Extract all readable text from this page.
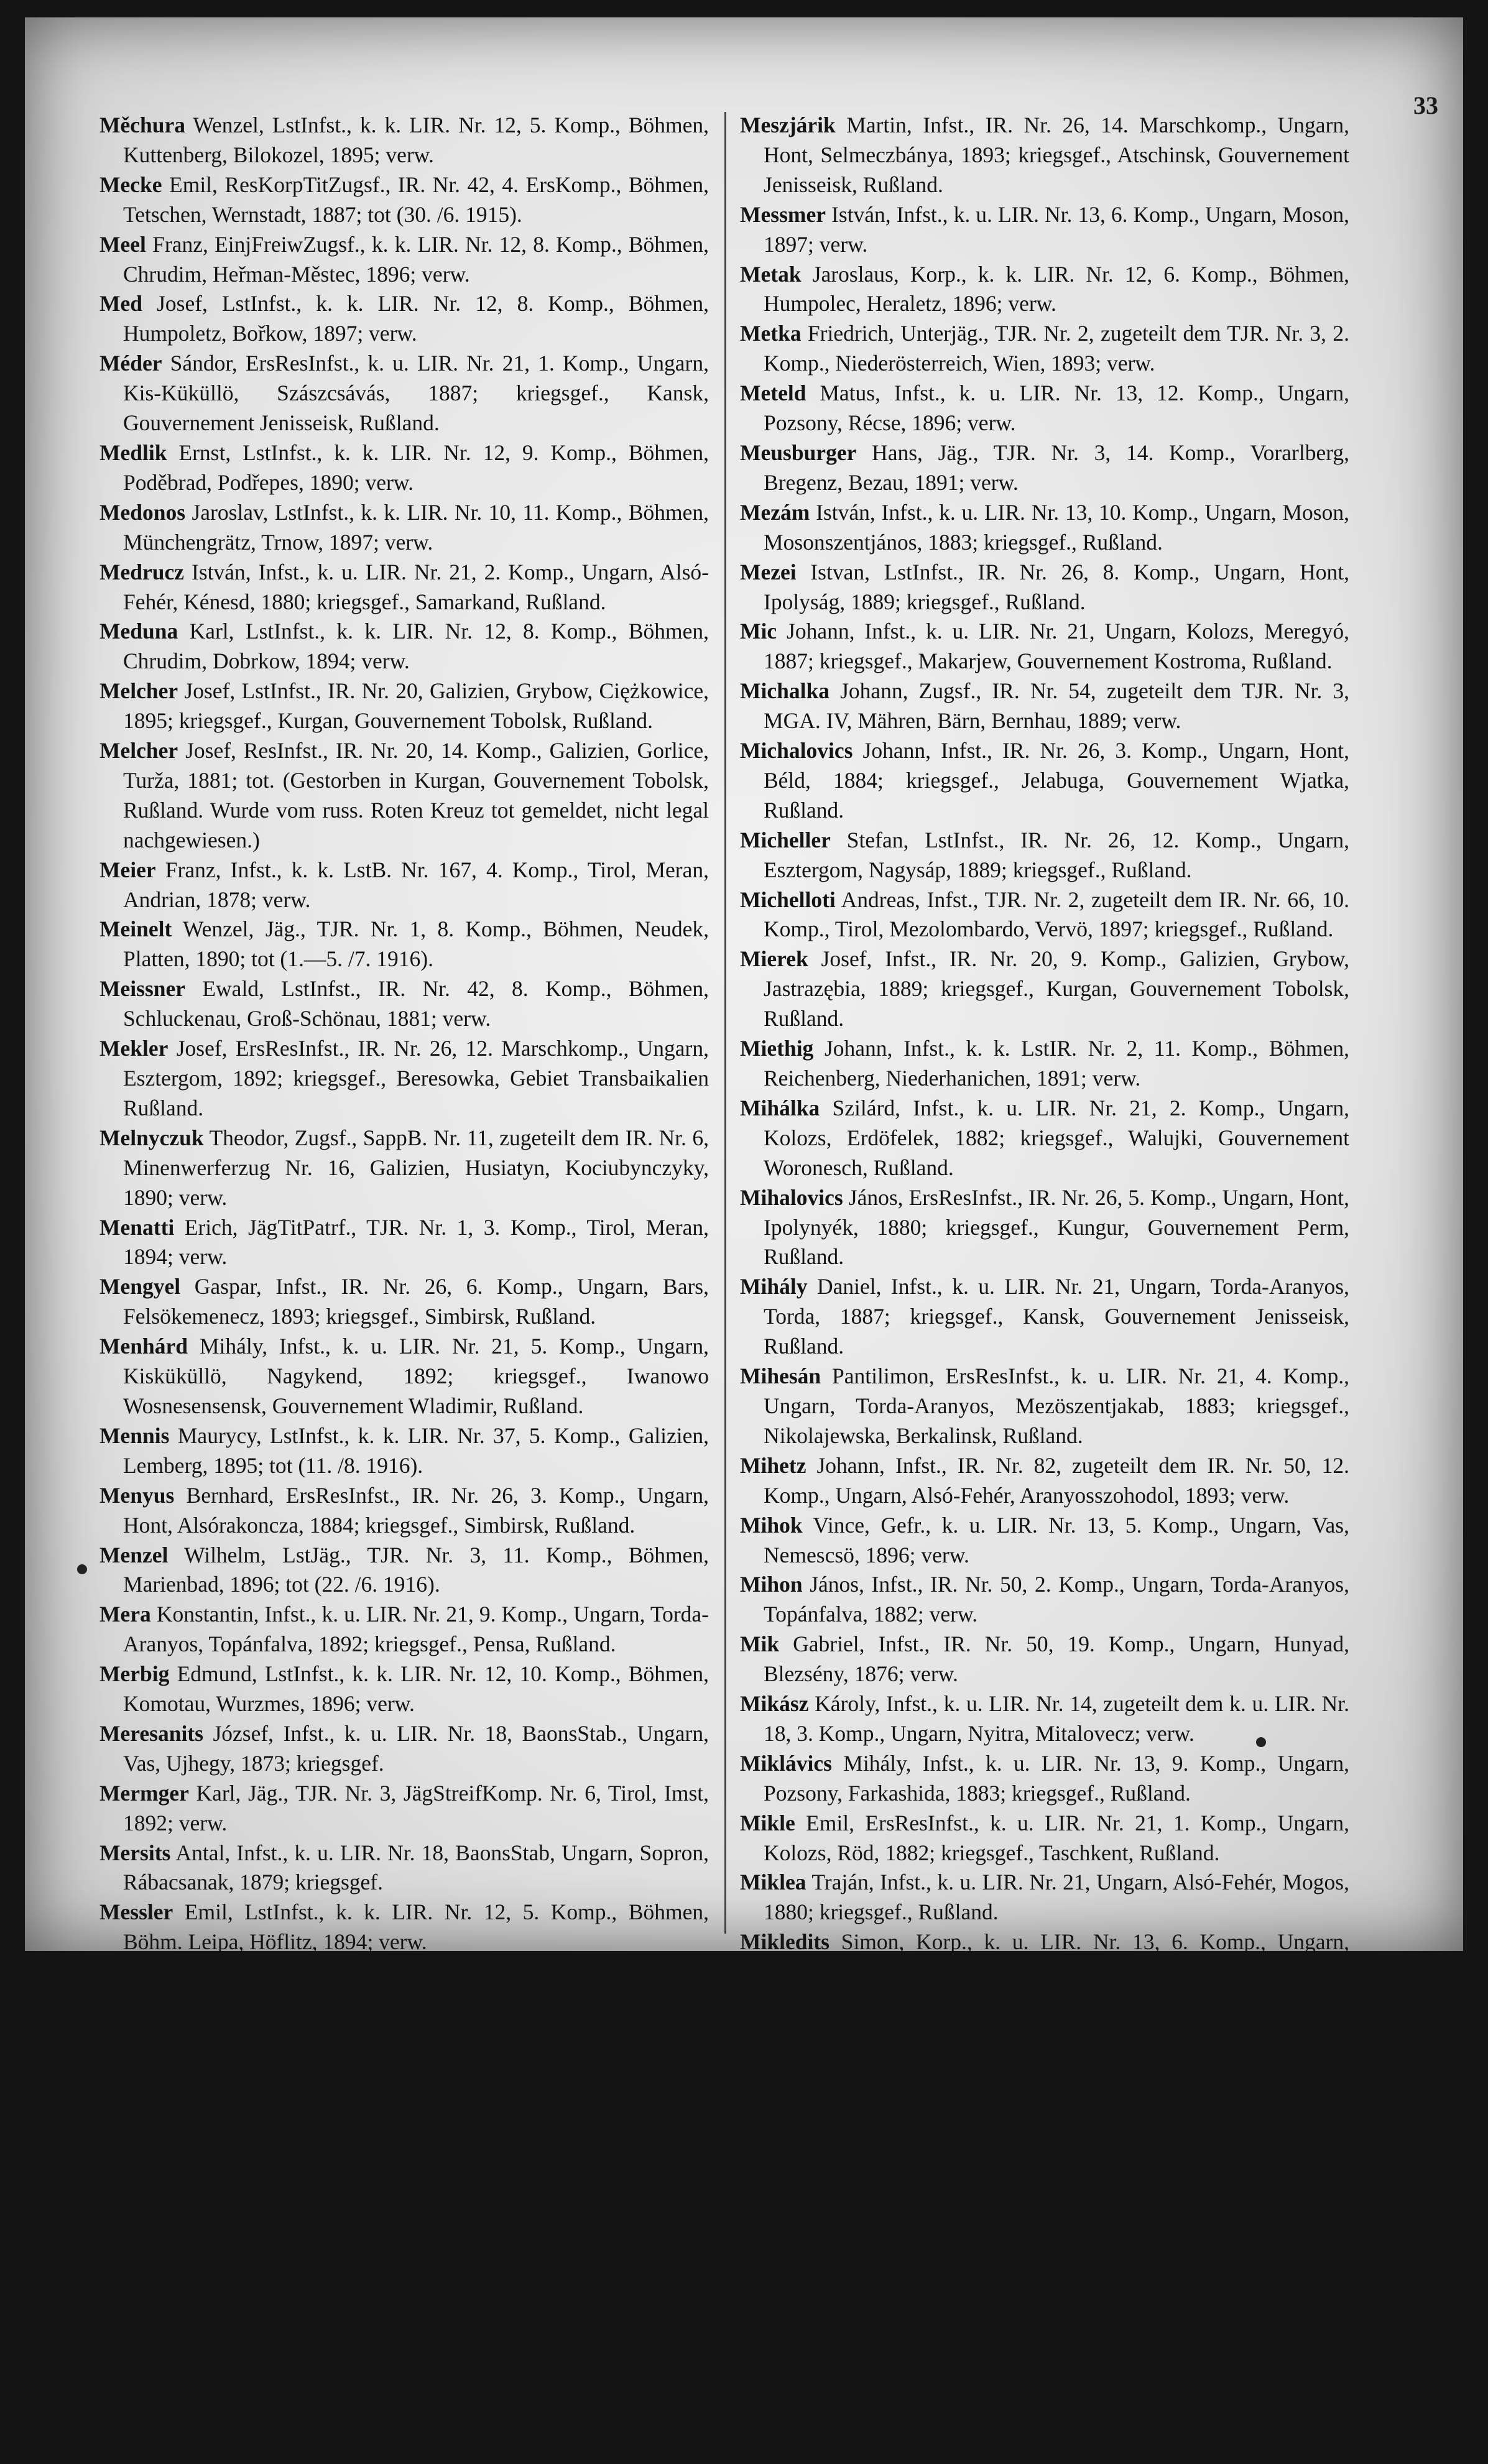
33

Měchura Wenzel, LstInfst., k. k. LIR. Nr. 12, 5. Komp., Böhmen, Kuttenberg, Bilokozel, 1895; verw.

Mecke Emil, ResKorpTitZugsf., IR. Nr. 42, 4. ErsKomp., Böhmen, Tetschen, Wernstadt, 1887; tot (30. /6. 1915).

Meel Franz, EinjFreiwZugsf., k. k. LIR. Nr. 12, 8. Komp., Böhmen, Chrudim, Heřman-Městec, 1896; verw.

Med Josef, LstInfst., k. k. LIR. Nr. 12, 8. Komp., Böhmen, Humpoletz, Bořkow, 1897; verw.

Méder Sándor, ErsResInfst., k. u. LIR. Nr. 21, 1. Komp., Ungarn, Kis-Küküllö, Szászcsávás, 1887; kriegsgef., Kansk, Gouvernement Jenisseisk, Rußland.

Medlik Ernst, LstInfst., k. k. LIR. Nr. 12, 9. Komp., Böhmen, Poděbrad, Podřepes, 1890; verw.

Medonos Jaroslav, LstInfst., k. k. LIR. Nr. 10, 11. Komp., Böhmen, Münchengrätz, Trnow, 1897; verw.

Medrucz István, Infst., k. u. LIR. Nr. 21, 2. Komp., Ungarn, Alsó-Fehér, Kénesd, 1880; kriegsgef., Samarkand, Rußland.

Meduna Karl, LstInfst., k. k. LIR. Nr. 12, 8. Komp., Böhmen, Chrudim, Dobrkow, 1894; verw.

Melcher Josef, LstInfst., IR. Nr. 20, Galizien, Grybow, Ciężkowice, 1895; kriegsgef., Kurgan, Gouvernement Tobolsk, Rußland.

Melcher Josef, ResInfst., IR. Nr. 20, 14. Komp., Galizien, Gorlice, Turža, 1881; tot. (Gestorben in Kurgan, Gouvernement Tobolsk, Rußland. Wurde vom russ. Roten Kreuz tot gemeldet, nicht legal nachgewiesen.)

Meier Franz, Infst., k. k. LstB. Nr. 167, 4. Komp., Tirol, Meran, Andrian, 1878; verw.

Meinelt Wenzel, Jäg., TJR. Nr. 1, 8. Komp., Böhmen, Neudek, Platten, 1890; tot (1.—5. /7. 1916).

Meissner Ewald, LstInfst., IR. Nr. 42, 8. Komp., Böhmen, Schluckenau, Groß-Schönau, 1881; verw.

Mekler Josef, ErsResInfst., IR. Nr. 26, 12. Marschkomp., Ungarn, Esztergom, 1892; kriegsgef., Beresowka, Gebiet Transbaikalien Rußland.

Melnyczuk Theodor, Zugsf., SappB. Nr. 11, zugeteilt dem IR. Nr. 6, Minenwerferzug Nr. 16, Galizien, Husiatyn, Kociubynczyky, 1890; verw.

Menatti Erich, JägTitPatrf., TJR. Nr. 1, 3. Komp., Tirol, Meran, 1894; verw.

Mengyel Gaspar, Infst., IR. Nr. 26, 6. Komp., Ungarn, Bars, Felsökemenecz, 1893; kriegsgef., Simbirsk, Rußland.

Menhárd Mihály, Infst., k. u. LIR. Nr. 21, 5. Komp., Ungarn, Kisküküllö, Nagykend, 1892; kriegsgef., Iwanowo Wosnesensensk, Gouvernement Wladimir, Rußland.

Mennis Maurycy, LstInfst., k. k. LIR. Nr. 37, 5. Komp., Galizien, Lemberg, 1895; tot (11. /8. 1916).

Menyus Bernhard, ErsResInfst., IR. Nr. 26, 3. Komp., Ungarn, Hont, Alsórakoncza, 1884; kriegsgef., Simbirsk, Rußland.

Menzel Wilhelm, LstJäg., TJR. Nr. 3, 11. Komp., Böhmen, Marienbad, 1896; tot (22. /6. 1916).

Mera Konstantin, Infst., k. u. LIR. Nr. 21, 9. Komp., Ungarn, Torda-Aranyos, Topánfalva, 1892; kriegsgef., Pensa, Rußland.

Merbig Edmund, LstInfst., k. k. LIR. Nr. 12, 10. Komp., Böhmen, Komotau, Wurzmes, 1896; verw.

Meresanits József, Infst., k. u. LIR. Nr. 18, BaonsStab., Ungarn, Vas, Ujhegy, 1873; kriegsgef.

Mermger Karl, Jäg., TJR. Nr. 3, JägStreifKomp. Nr. 6, Tirol, Imst, 1892; verw.

Mersits Antal, Infst., k. u. LIR. Nr. 18, BaonsStab, Ungarn, Sopron, Rábacsanak, 1879; kriegsgef.

Messler Emil, LstInfst., k. k. LIR. Nr. 12, 5. Komp., Böhmen, Böhm. Leipa, Höflitz, 1894; verw.

Mészáros Anton, LstInfst., IR. Nr. 38, 5. Komp., Ungarn, Pest, Izsák, 1896; tot (17. /4. 1916).

Mészáros David, Infst., k. u. LstIR. Nr. 13, 8. Komp., Ungarn, Pozsony, Nagymácséd, 1877; kriegsgef., Rußland.

Mészáros Ferencz, Infst., k. u. LIR. Nr. 18, 3. Komp., Ungarn, Vas, Szombathely, 1897; verw.

Mészáros Imre, Korp., k. u. LstIR. Nr. 30, 4. Komp., Ungarn, Bács-Bodrog, Jánoshalma, 1876; verw.

Meszáros János, Infst., IR. Nr. 86, 2. Komp., Ungarn, Bács-Bodrog, Topolya, 1889; verw.

Mészáros József Lajos, Infst., k. u. LIR. Nr. 18, 1. Komp., Ungarn, Vas, Vát, 1874; verw.

Mészáros Karl, Zugsf., IR. Nr. 26, 8. Komp., Ungarn, Bars, Fajkürt, 1881; kriegsgef., Nikolsk Ussurijskij, Gebiet Primorsk, Rußland.

Mészáros Ludwig, Infst., IR. Nr. 26, 11. Komp., Ungarn, Bars, Felsöszecse, 1889; kriegsgef., Nikolsk-Ussurijskij, Gouvernement Primorsk, Rußland.

Meszjárik Martin, Infst., IR. Nr. 26, 14. Marschkomp., Ungarn, Hont, Selmeczbánya, 1893; kriegsgef., Atschinsk, Gouvernement Jenisseisk, Rußland.

Messmer István, Infst., k. u. LIR. Nr. 13, 6. Komp., Ungarn, Moson, 1897; verw.

Metak Jaroslaus, Korp., k. k. LIR. Nr. 12, 6. Komp., Böhmen, Humpolec, Heraletz, 1896; verw.

Metka Friedrich, Unterjäg., TJR. Nr. 2, zugeteilt dem TJR. Nr. 3, 2. Komp., Niederösterreich, Wien, 1893; verw.

Meteld Matus, Infst., k. u. LIR. Nr. 13, 12. Komp., Ungarn, Pozsony, Récse, 1896; verw.

Meusburger Hans, Jäg., TJR. Nr. 3, 14. Komp., Vorarlberg, Bregenz, Bezau, 1891; verw.

Mezám István, Infst., k. u. LIR. Nr. 13, 10. Komp., Ungarn, Moson, Mosonszentjános, 1883; kriegsgef., Rußland.

Mezei Istvan, LstInfst., IR. Nr. 26, 8. Komp., Ungarn, Hont, Ipolyság, 1889; kriegsgef., Rußland.

Mic Johann, Infst., k. u. LIR. Nr. 21, Ungarn, Kolozs, Meregyó, 1887; kriegsgef., Makarjew, Gouvernement Kostroma, Rußland.

Michalka Johann, Zugsf., IR. Nr. 54, zugeteilt dem TJR. Nr. 3, MGA. IV, Mähren, Bärn, Bernhau, 1889; verw.

Michalovics Johann, Infst., IR. Nr. 26, 3. Komp., Ungarn, Hont, Béld, 1884; kriegsgef., Jelabuga, Gouvernement Wjatka, Rußland.

Micheller Stefan, LstInfst., IR. Nr. 26, 12. Komp., Ungarn, Esztergom, Nagysáp, 1889; kriegsgef., Rußland.

Michelloti Andreas, Infst., TJR. Nr. 2, zugeteilt dem IR. Nr. 66, 10. Komp., Tirol, Mezolombardo, Vervö, 1897; kriegsgef., Rußland.

Mierek Josef, Infst., IR. Nr. 20, 9. Komp., Galizien, Grybow, Jastrazębia, 1889; kriegsgef., Kurgan, Gouvernement Tobolsk, Rußland.

Miethig Johann, Infst., k. k. LstIR. Nr. 2, 11. Komp., Böhmen, Reichenberg, Niederhanichen, 1891; verw.

Mihálka Szilárd, Infst., k. u. LIR. Nr. 21, 2. Komp., Ungarn, Kolozs, Erdöfelek, 1882; kriegsgef., Walujki, Gouvernement Woronesch, Rußland.

Mihalovics János, ErsResInfst., IR. Nr. 26, 5. Komp., Ungarn, Hont, Ipolynyék, 1880; kriegsgef., Kungur, Gouvernement Perm, Rußland.

Mihály Daniel, Infst., k. u. LIR. Nr. 21, Ungarn, Torda-Aranyos, Torda, 1887; kriegsgef., Kansk, Gouvernement Jenisseisk, Rußland.

Mihesán Pantilimon, ErsResInfst., k. u. LIR. Nr. 21, 4. Komp., Ungarn, Torda-Aranyos, Mezöszentjakab, 1883; kriegsgef., Nikolajewska, Berkalinsk, Rußland.

Mihetz Johann, Infst., IR. Nr. 82, zugeteilt dem IR. Nr. 50, 12. Komp., Ungarn, Alsó-Fehér, Aranyosszohodol, 1893; verw.

Mihok Vince, Gefr., k. u. LIR. Nr. 13, 5. Komp., Ungarn, Vas, Nemescsö, 1896; verw.

Mihon János, Infst., IR. Nr. 50, 2. Komp., Ungarn, Torda-Aranyos, Topánfalva, 1882; verw.

Mik Gabriel, Infst., IR. Nr. 50, 19. Komp., Ungarn, Hunyad, Blezsény, 1876; verw.

Mikász Károly, Infst., k. u. LIR. Nr. 14, zugeteilt dem k. u. LIR. Nr. 18, 3. Komp., Ungarn, Nyitra, Mitalovecz; verw.

Miklávics Mihály, Infst., k. u. LIR. Nr. 13, 9. Komp., Ungarn, Pozsony, Farkashida, 1883; kriegsgef., Rußland.

Mikle Emil, ErsResInfst., k. u. LIR. Nr. 21, 1. Komp., Ungarn, Kolozs, Röd, 1882; kriegsgef., Taschkent, Rußland.

Miklea Traján, Infst., k. u. LIR. Nr. 21, Ungarn, Alsó-Fehér, Mogos, 1880; kriegsgef., Rußland.

Mikledits Simon, Korp., k. u. LIR. Nr. 13, 6. Komp., Ungarn, Pozsony, Dévényujfalu, 1895; verw.

Mikletics Antal, Infst., k. u. LIR. Nr. 13, 2. Komp., Ungarn, Pozsony, Dévényújfalu, 1888; kriegsgef., Rußland.

Mikló Josef, LstInfst., IR. Nr. 26, 8. Komp., Ungarn, Bars, Zseliz, 1890; kriegsgef., Rußland.

Miklós Jenö, Infst., IR. Nr. 50, 18. Komp., Ungarn, Kis-Küküllö, Küküllödombó, 1897; tot (16.—29. /6. 1916).

Mikócsi Imre, Infst., k. u. LIR. Nr. 13, 6. Komp., Ungarn, Veszprém, Kiscsösz, 1896; verw.

Mikós Antal, Infst., k. u. LIR. Nr. 13, 5. Komp., Ungarn, Pozsony, Cseszte, 1876; verw.

Mikovilović Ivan des Ante, LstInfst., k. k. LIR. Nr. 37, 5. Komp., Dalmatien, St. Pietro, Pučišće, 1894; verw.

Miksa Johann, ResInfst., k. k. LIR. Nr. 12, 8. Komp., Böhmen, Humpoletz, Austi, 1884; verw.

Mikšić Ignac, LstInfst., IR. Nr. 16, Kroatien, Koprivnica, Drnje, 1882; tot (29. /8. 1915).
